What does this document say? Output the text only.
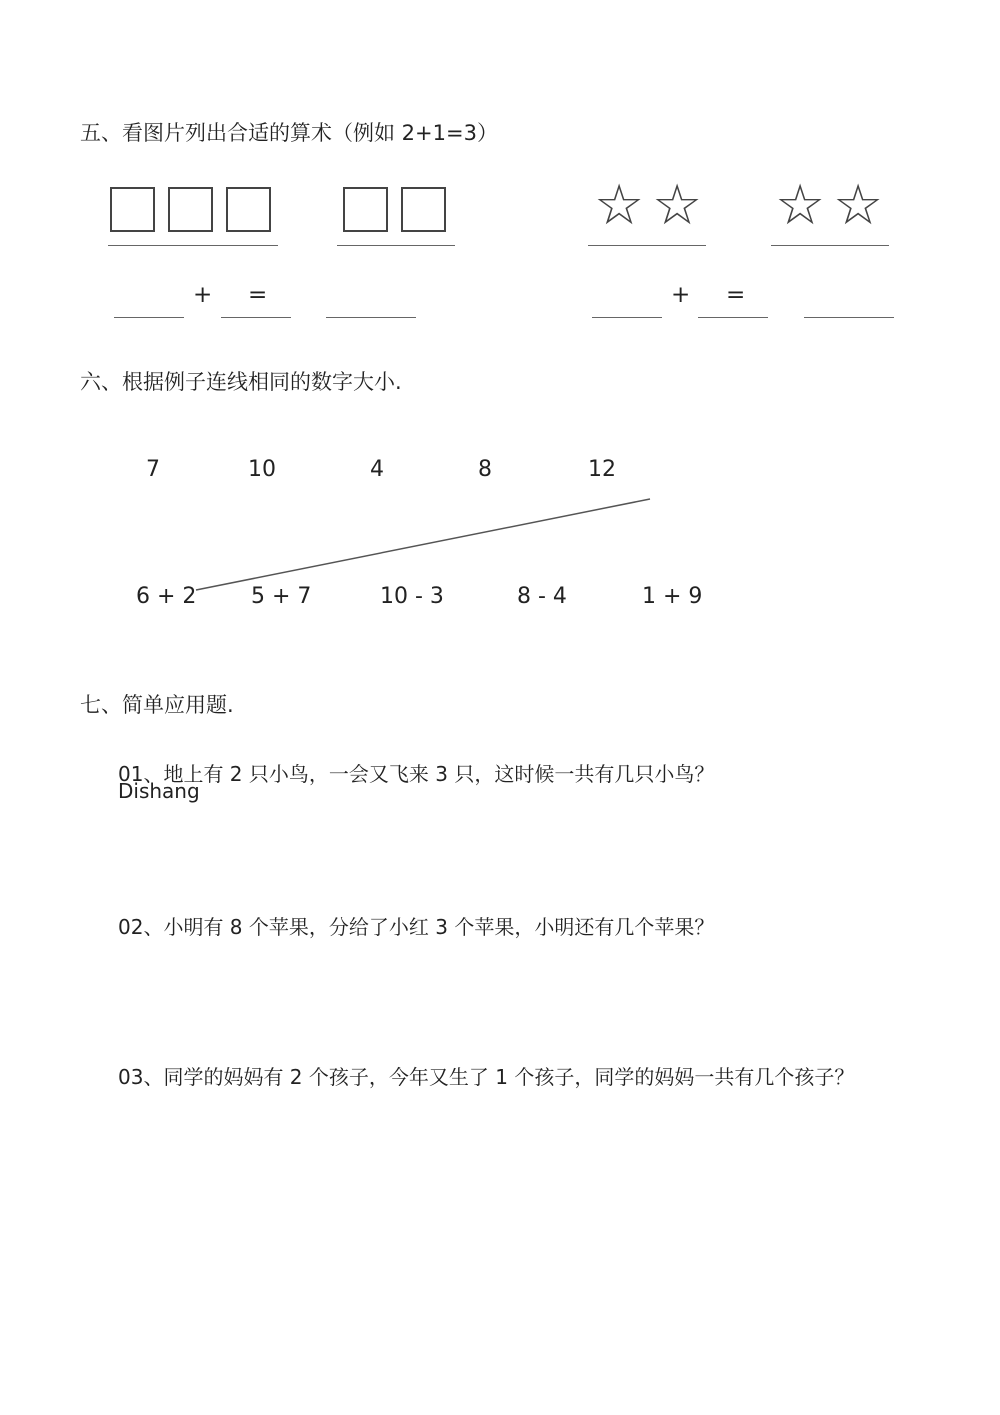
五、看图片列出合适的算术（例如 2+1=3）
☆ ☆ ☆ ☆
+ =	+ =
六、根据例子连线相同的数字大小.
7	10	4	8	12
6 + 2 5 + 7	10 - 3	8 - 4	1 + 9
七、简单应用题.
01、地上有 2 只小鸟，一会又飞来 3 只，这时候一共有几只小鸟？
Dishang
02、小明有 8 个苹果，分给了小红 3 个苹果，小明还有几个苹果？
03、同学的妈妈有 2 个孩子，今年又生了 1 个孩子，同学的妈妈一共有几个孩子？
